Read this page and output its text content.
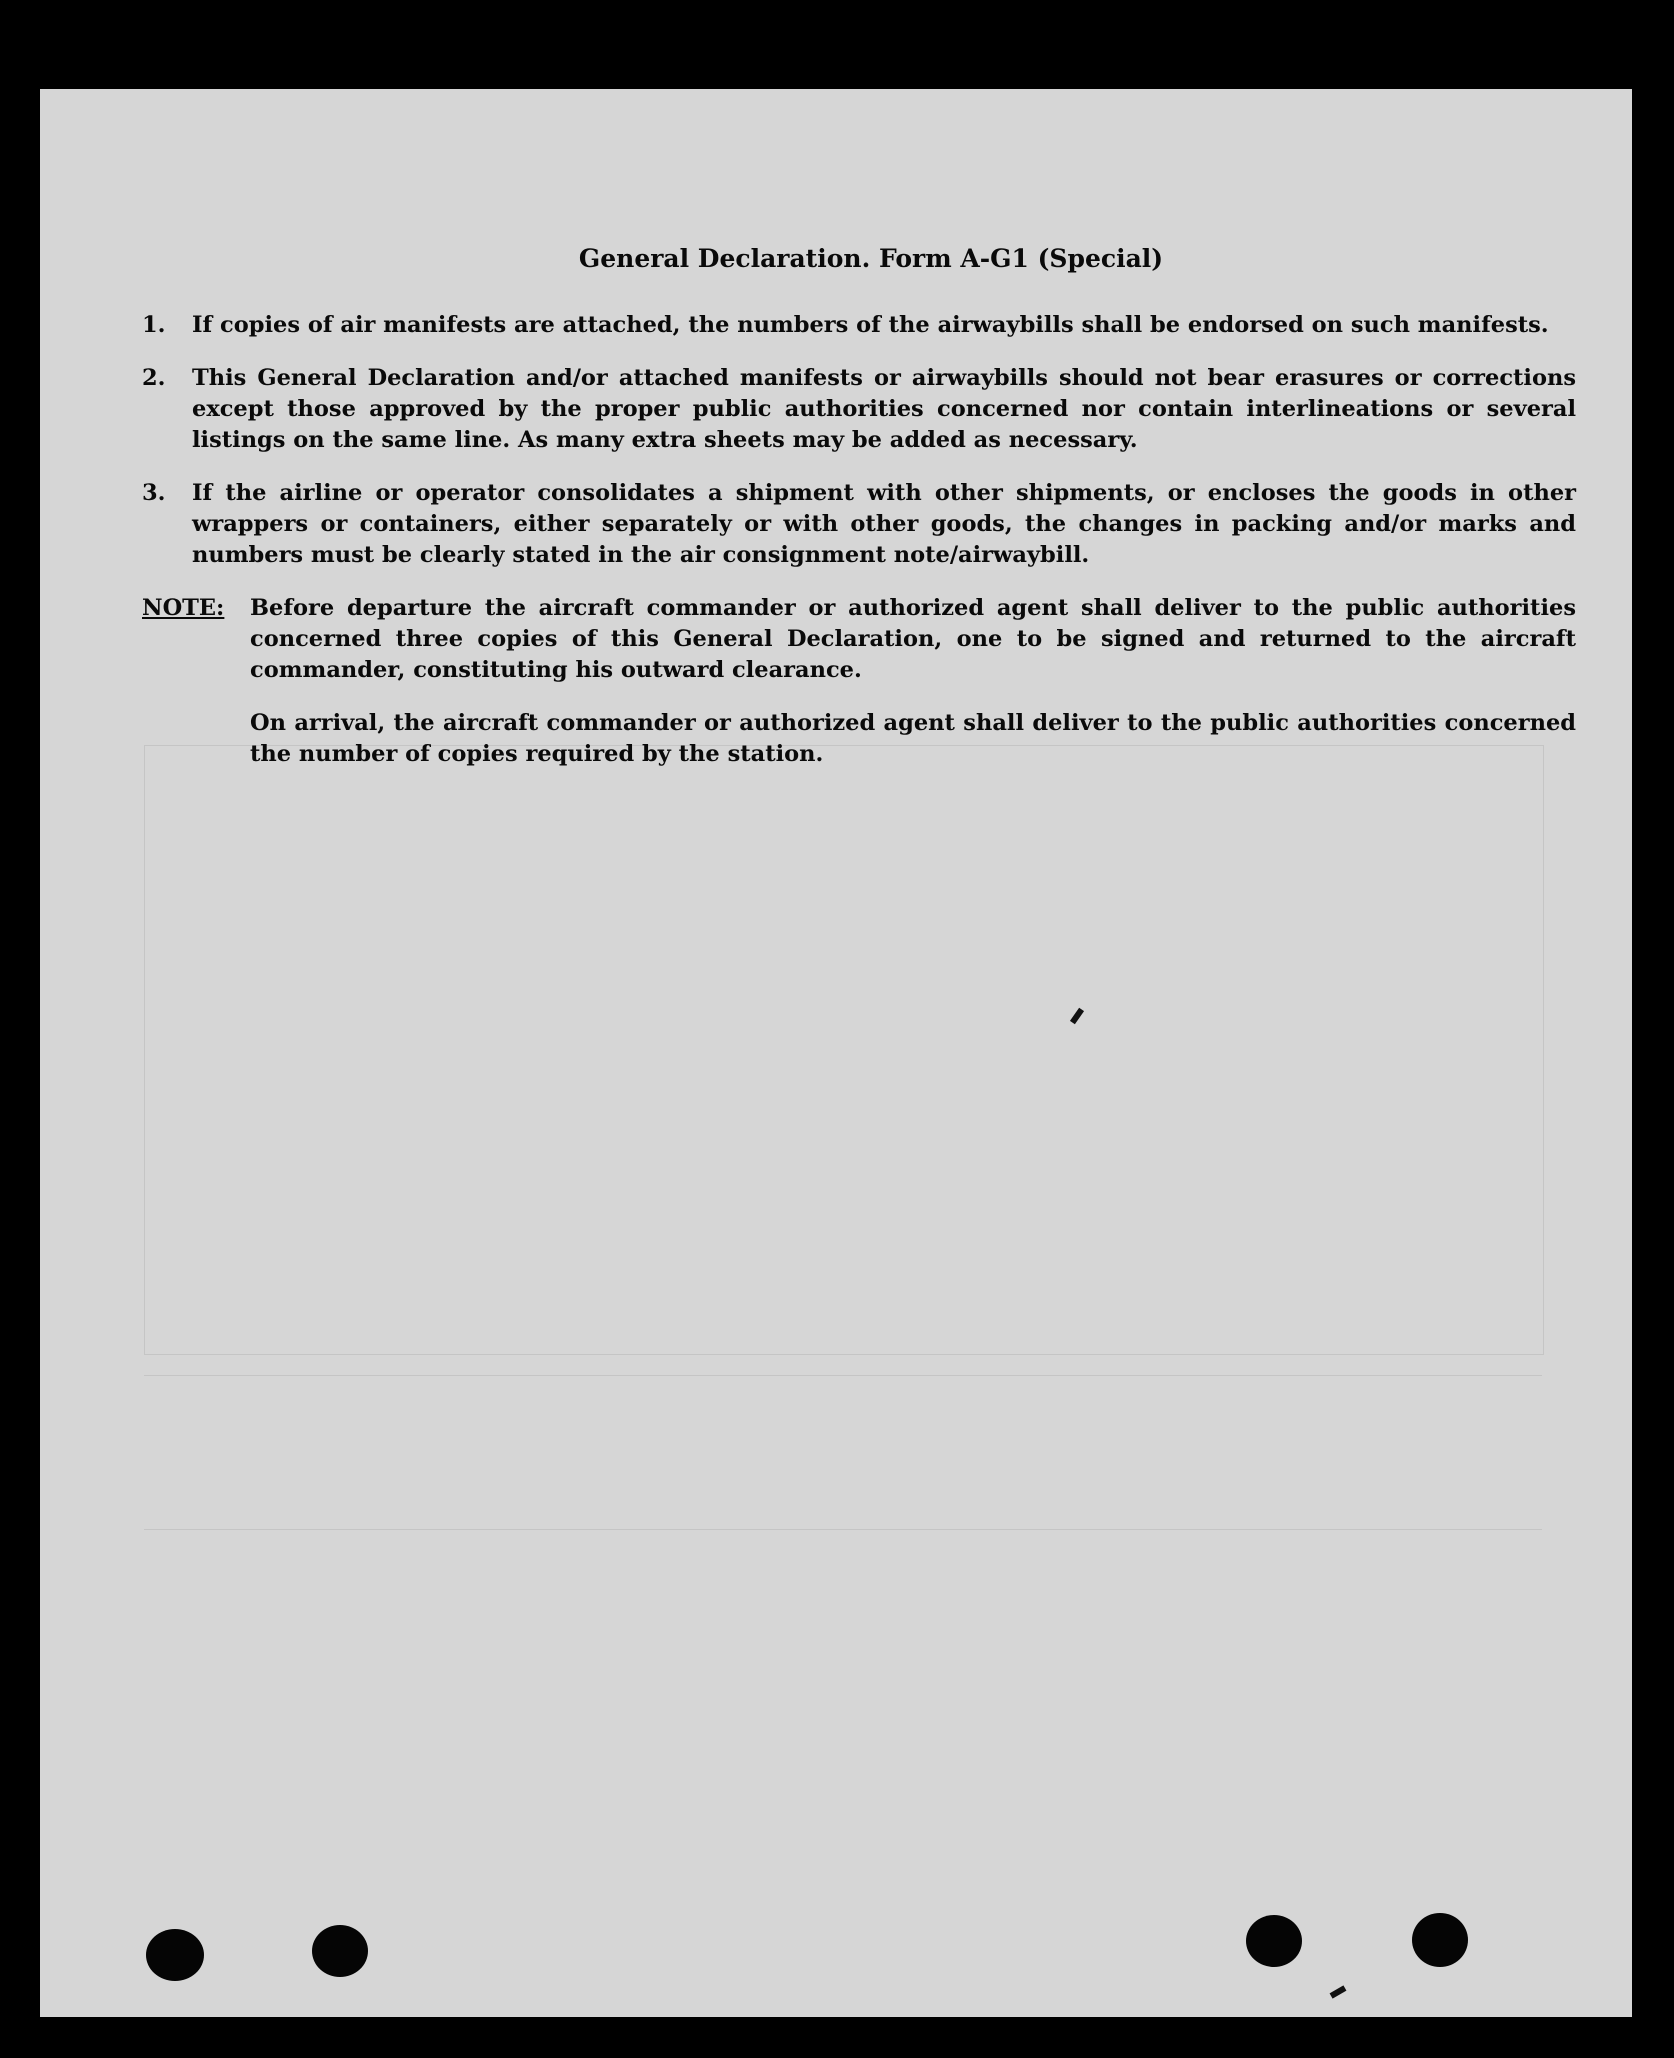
General Declaration. Form A-G1 (Special)
1.	If copies of air manifests are attached, the numbers of the airwaybills shall be endorsed on such manifests.
2.	This General Declaration and/or attached manifests or airwaybills should not bear erasures or corrections except those approved by the proper public authorities concerned nor contain interlineations or several listings on the same line. As many extra sheets may be added as necessary.
3.	If the airline or operator consolidates a shipment with other shipments, or encloses the goods in other wrappers or containers, either separately or with other goods, the changes in packing and/or marks and numbers must be clearly stated in the air consignment note/airwaybill.
NOTE:	Before departure the aircraft commander or authorized agent shall deliver to the public authorities concerned three copies of this General Declaration, one to be signed and returned to the aircraft commander, constituting his outward clearance.

On arrival, the aircraft commander or authorized agent shall deliver to the public authorities concerned the number of copies required by the station.
